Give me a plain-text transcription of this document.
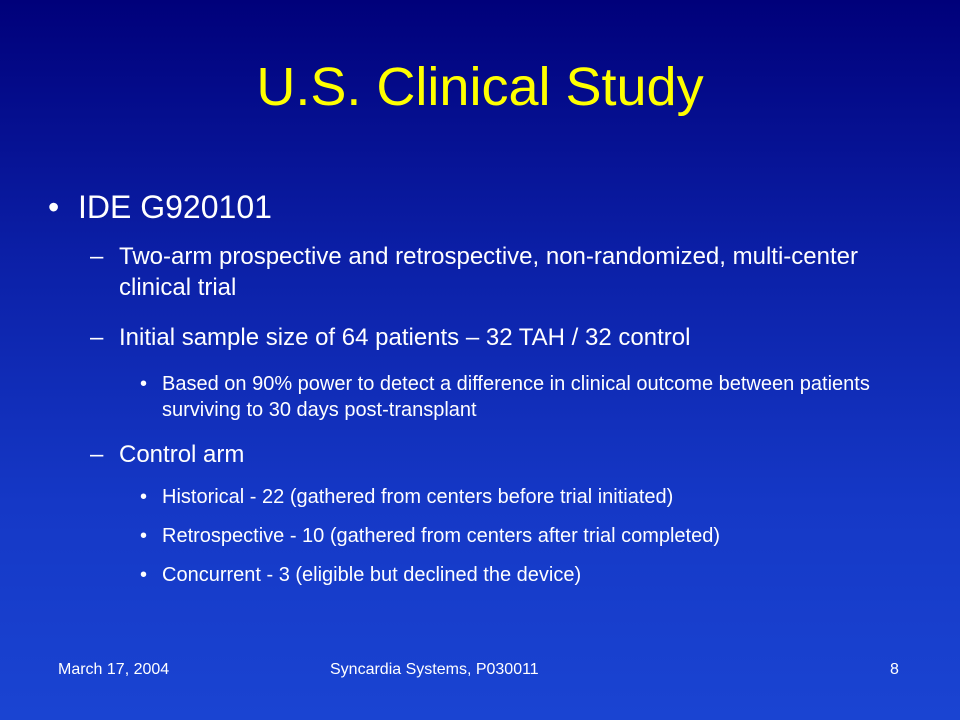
U.S. Clinical Study
• IDE G920101
– Two-arm prospective and retrospective, non-randomized, multi-center clinical trial
– Initial sample size of 64 patients – 32 TAH / 32 control
• Based on 90% power to detect a difference in clinical outcome between patients surviving to 30 days post-transplant
– Control arm
• Historical - 22 (gathered from centers before trial initiated)
• Retrospective - 10 (gathered from centers after trial completed)
• Concurrent - 3 (eligible but declined the device)
March 17, 2004	Syncardia Systems, P030011	8
